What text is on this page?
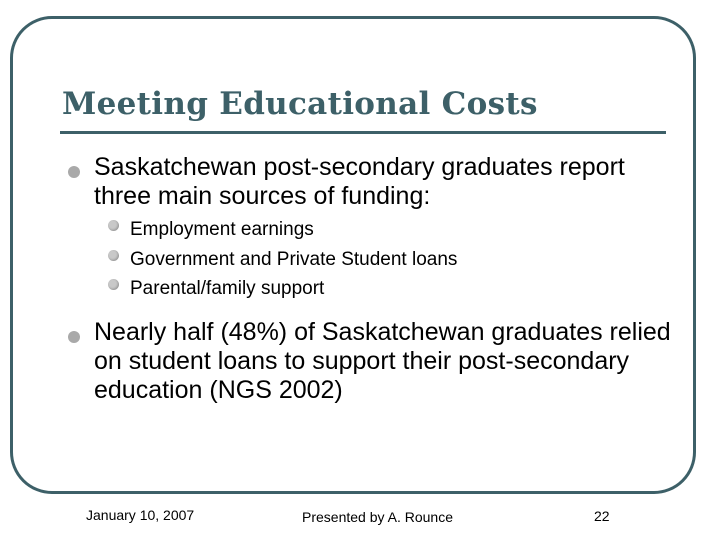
Meeting Educational Costs
Saskatchewan post-secondary graduates report three main sources of funding:
Employment earnings
Government and Private Student loans
Parental/family support
Nearly half (48%) of Saskatchewan graduates relied on student loans to support their post-secondary education (NGS 2002)
January 10, 2007	Presented by A. Rounce	22
